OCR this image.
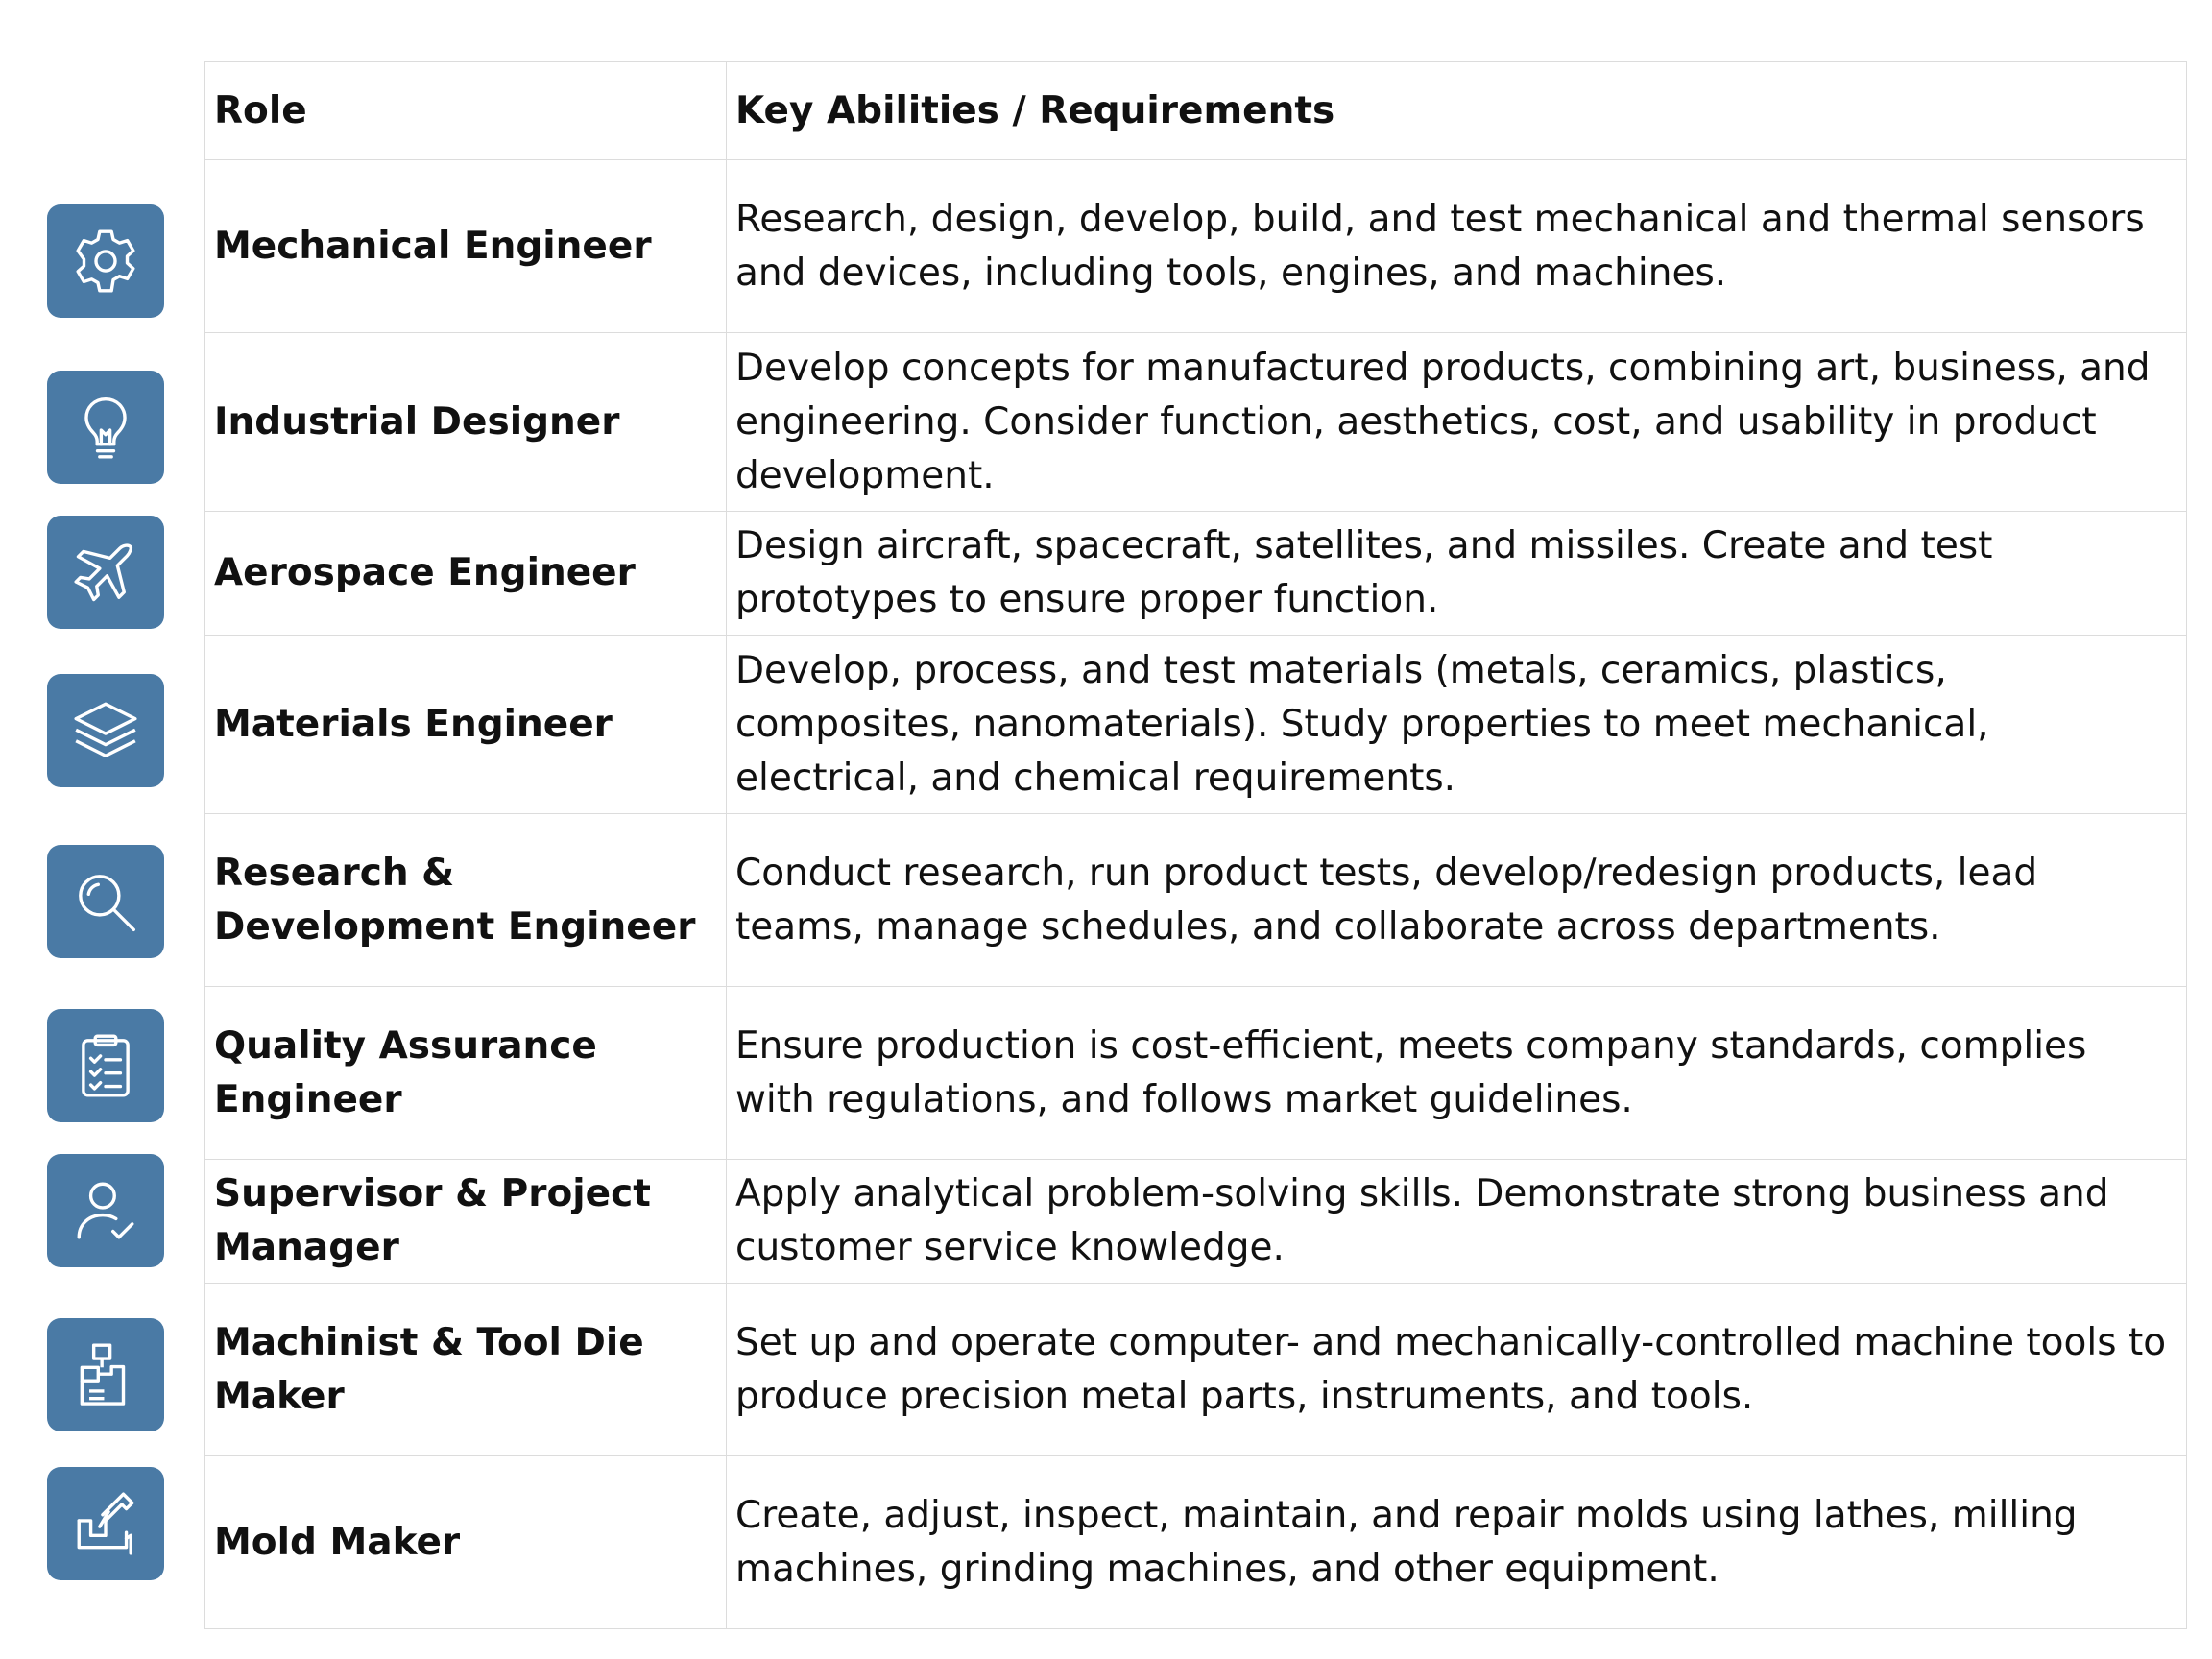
Role	Key Abilities / Requirements
Mechanical Engineer	Research, design, develop, build, and test mechanical and thermal sensors and devices, including tools, engines, and machines.
Industrial Designer	Develop concepts for manufactured products, combining art, business, and engineering. Consider function, aesthetics, cost, and usability in product development.
Aerospace Engineer	Design aircraft, spacecraft, satellites, and missiles. Create and test prototypes to ensure proper function.
Materials Engineer	Develop, process, and test materials (metals, ceramics, plastics, composites, nanomaterials). Study properties to meet mechanical, electrical, and chemical requirements.
Research & Development Engineer	Conduct research, run product tests, develop/redesign products, lead teams, manage schedules, and collaborate across departments.
Quality Assurance Engineer	Ensure production is cost-efficient, meets company standards, complies with regulations, and follows market guidelines.
Supervisor & Project Manager	Apply analytical problem-solving skills. Demonstrate strong business and customer service knowledge.
Machinist & Tool Die Maker	Set up and operate computer- and mechanically-controlled machine tools to produce precision metal parts, instruments, and tools.
Mold Maker	Create, adjust, inspect, maintain, and repair molds using lathes, milling machines, grinding machines, and other equipment.
